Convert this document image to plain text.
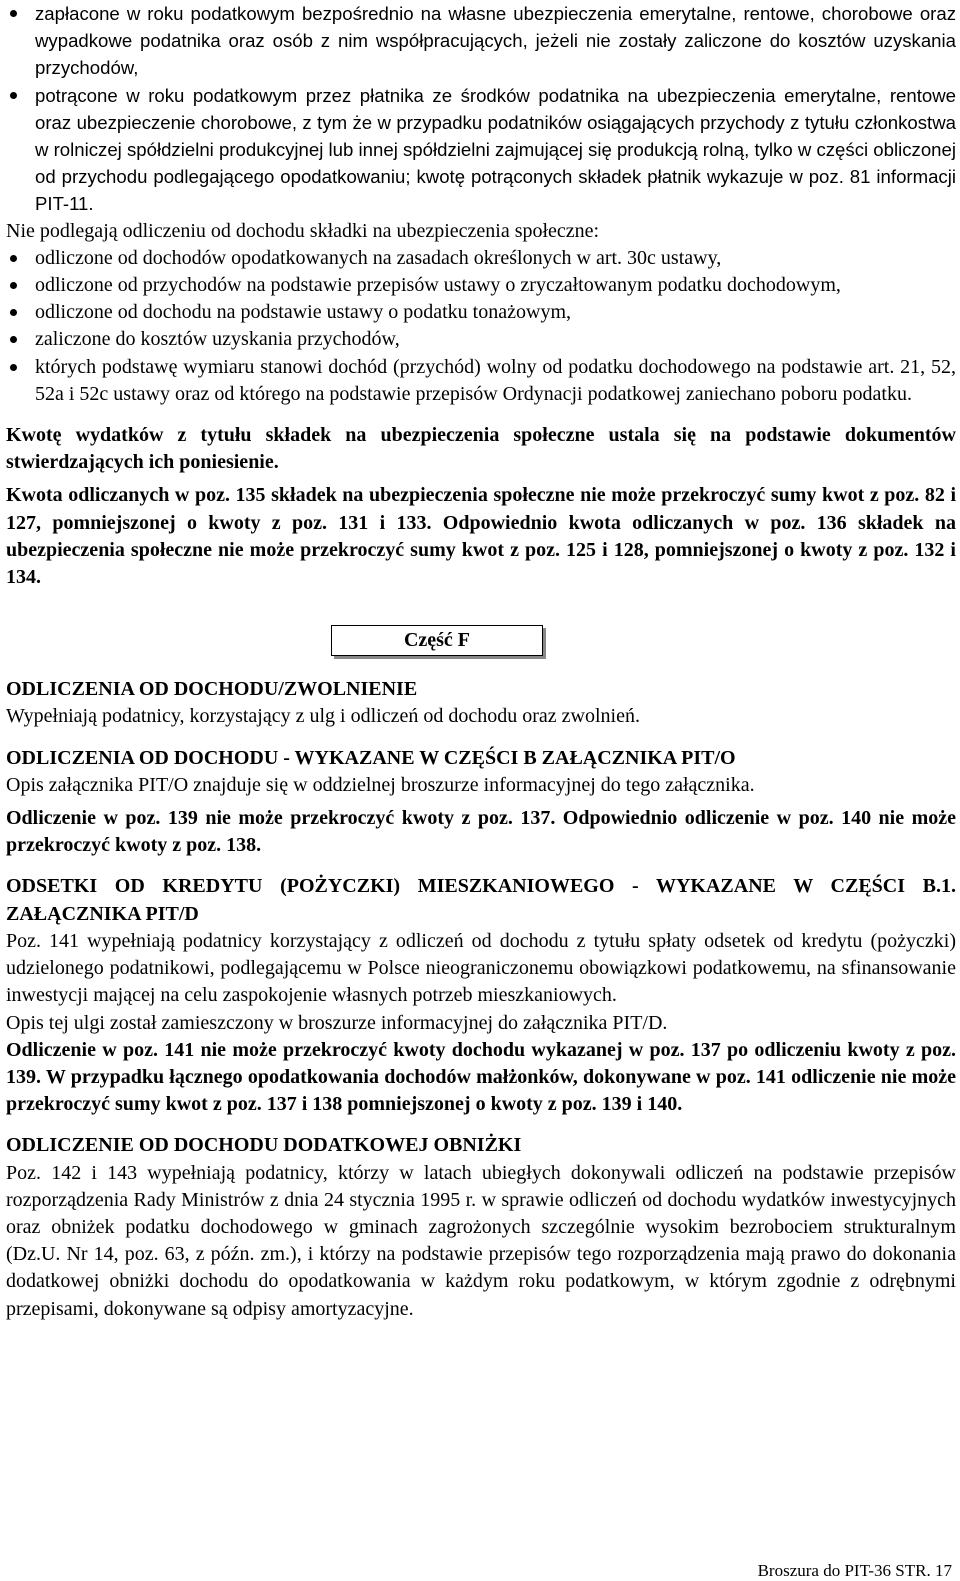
zapłacone w roku podatkowym bezpośrednio na własne ubezpieczenia emerytalne, rentowe, chorobowe oraz wypadkowe podatnika oraz osób z nim współpracujących, jeżeli nie zostały zaliczone do kosztów uzyskania przychodów,
potrącone w roku podatkowym przez płatnika ze środków podatnika na ubezpieczenia emerytalne, rentowe oraz ubezpieczenie chorobowe, z tym że w przypadku podatników osiągających przychody z tytułu członkostwa w rolniczej spółdzielni produkcyjnej lub innej spółdzielni zajmującej się produkcją rolną, tylko w części obliczonej od przychodu podlegającego opodatkowaniu; kwotę potrąconych składek płatnik wykazuje w poz. 81 informacji PIT-11.

Nie podlegają odliczeniu od dochodu składki na ubezpieczenia społeczne:

odliczone od dochodów opodatkowanych na zasadach określonych w art. 30c ustawy,
odliczone od przychodów na podstawie przepisów ustawy o zryczałtowanym podatku dochodowym,
odliczone od dochodu na podstawie ustawy o podatku tonażowym,
zaliczone do kosztów uzyskania przychodów,
których podstawę wymiaru stanowi dochód (przychód) wolny od podatku dochodowego na podstawie art. 21, 52, 52a i 52c ustawy oraz od którego na podstawie przepisów Ordynacji podatkowej zaniechano poboru podatku.

Kwotę wydatków z tytułu składek na ubezpieczenia społeczne ustala się na podstawie dokumentów stwierdzających ich poniesienie.

Kwota odliczanych w poz. 135 składek na ubezpieczenia społeczne nie może przekroczyć sumy kwot z poz. 82 i 127, pomniejszonej o kwoty z poz. 131 i 133. Odpowiednio kwota odliczanych w poz. 136 składek na ubezpieczenia społeczne nie może przekroczyć sumy kwot z poz. 125 i 128, pomniejszonej o kwoty z poz. 132 i 134.

Część F

ODLICZENIA OD DOCHODU/ZWOLNIENIE

Wypełniają podatnicy, korzystający z ulg i odliczeń od dochodu oraz zwolnień.

ODLICZENIA OD DOCHODU - WYKAZANE W CZĘŚCI B ZAŁĄCZNIKA PIT/O

Opis załącznika PIT/O znajduje się w oddzielnej broszurze informacyjnej do tego załącznika.

Odliczenie w poz. 139 nie może przekroczyć kwoty z poz. 137. Odpowiednio odliczenie w poz. 140 nie może przekroczyć kwoty z poz. 138.

ODSETKI OD KREDYTU (POŻYCZKI) MIESZKANIOWEGO - WYKAZANE W CZĘŚCI B.1. ZAŁĄCZNIKA PIT/D

Poz. 141 wypełniają podatnicy korzystający z odliczeń od dochodu z tytułu spłaty odsetek od kredytu (pożyczki) udzielonego podatnikowi, podlegającemu w Polsce nieograniczonemu obowiązkowi podatkowemu, na sfinansowanie inwestycji mającej na celu zaspokojenie własnych potrzeb mieszkaniowych.

Opis tej ulgi został zamieszczony w broszurze informacyjnej do załącznika PIT/D.

Odliczenie w poz. 141 nie może przekroczyć kwoty dochodu wykazanej w poz. 137 po odliczeniu kwoty z poz. 139. W przypadku łącznego opodatkowania dochodów małżonków, dokonywane w poz. 141 odliczenie nie może przekroczyć sumy kwot z poz. 137 i 138 pomniejszonej o kwoty z poz. 139 i 140.

ODLICZENIE OD DOCHODU DODATKOWEJ OBNIŻKI

Poz. 142 i 143 wypełniają podatnicy, którzy w latach ubiegłych dokonywali odliczeń na podstawie przepisów rozporządzenia Rady Ministrów z dnia 24 stycznia 1995 r. w sprawie odliczeń od dochodu wydatków inwestycyjnych oraz obniżek podatku dochodowego w gminach zagrożonych szczególnie wysokim bezrobociem strukturalnym (Dz.U. Nr 14, poz. 63, z późn. zm.), i którzy na podstawie przepisów tego rozporządzenia mają prawo do dokonania dodatkowej obniżki dochodu do opodatkowania w każdym roku podatkowym, w którym zgodnie z odrębnymi przepisami, dokonywane są odpisy amortyzacyjne.

Broszura do PIT-36 STR. 17
